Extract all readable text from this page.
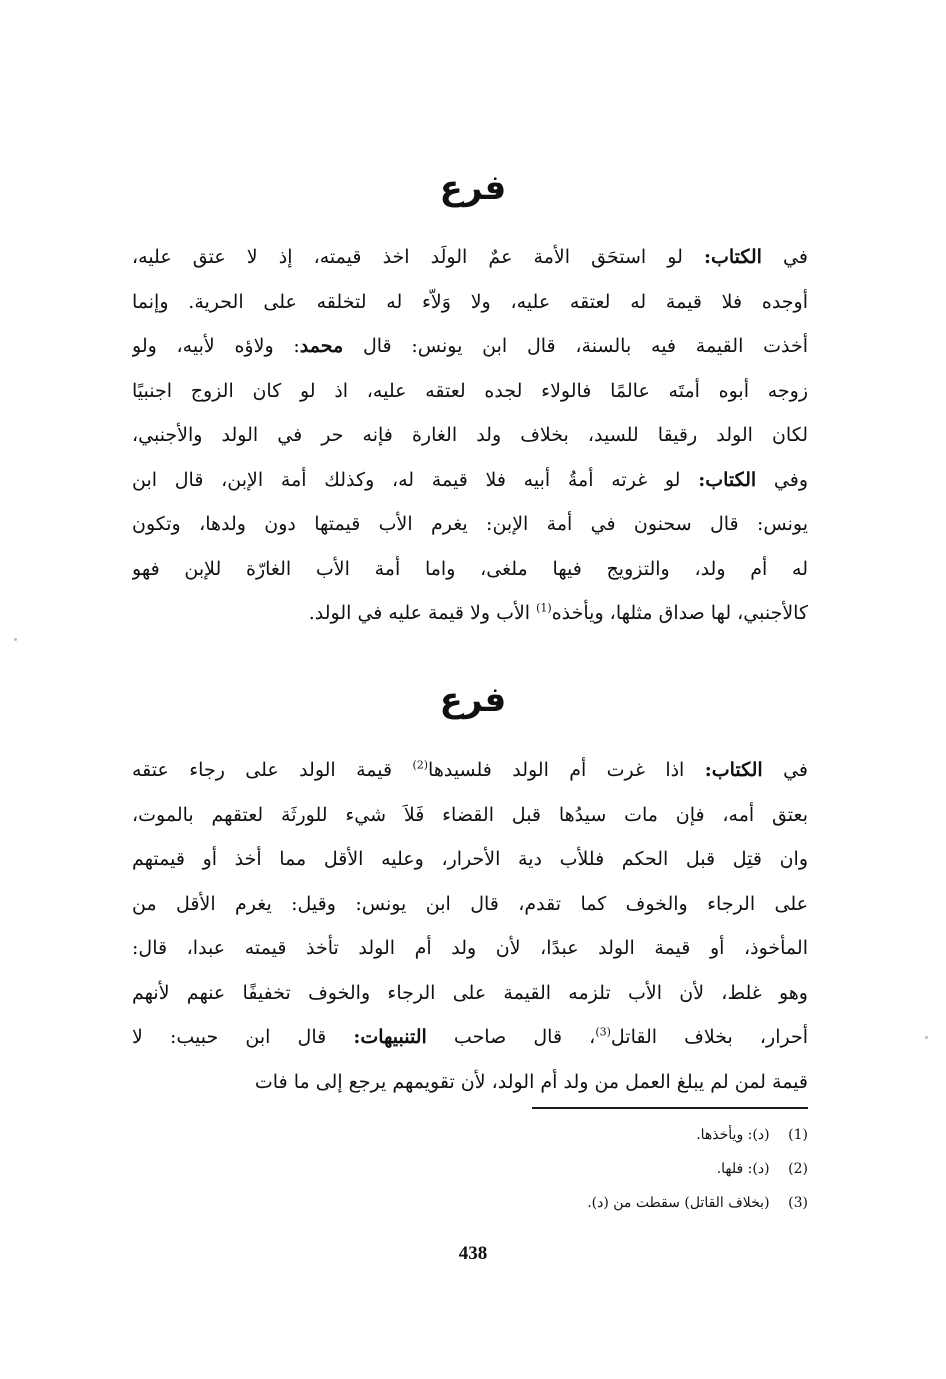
فرع
في الكتاب: لو استحَق الأمة عمٌ الولَد اخذ قيمته، إذ لا عتق عليه،
أوجده فلا قيمة له لعتقه عليه، ولا وَلاّء له لتخلقه على الحرية. وإنما
أخذت القيمة فيه بالسنة، قال ابن يونس: قال محمد: ولاؤه لأبيه، ولو
زوجه أبوه أمتَه عالمًا فالولاء لجده لعتقه عليه، اذ لو كان الزوج اجنبيًا
لكان الولد رقيقا للسيد، بخلاف ولد الغارة فإنه حر في الولد والأجنبي،
وفي الكتاب: لو غرته أمةُ أبيه فلا قيمة له، وكذلك أمة الإبن، قال ابن
يونس: قال سحنون في أمة الإبن: يغرم الأب قيمتها دون ولدها، وتكون
له أم ولد، والتزويج فيها ملغى، واما أمة الأب الغارّة للإبن فهو
كالأجنبي، لها صداق مثلها، ويأخذه$^{(1)}$ الأب ولا قيمة عليه في الولد.
فرع
في الكتاب: اذا غرت أم الولد فلسيدها$^{(2)}$ قيمة الولد على رجاء عتقه
بعتق أمه، فإن مات سيدُها قبل القضاء فَلاَ شيء للورثَة لعتقهم بالموت،
وان قتِل قبل الحكم فللأب دية الأحرار، وعليه الأقل مما أخذ أو قيمتهم
على الرجاء والخوف كما تقدم، قال ابن يونس: وقيل: يغرم الأقل من
المأخوذ، أو قيمة الولد عبدًا، لأن ولد أم الولد تأخذ قيمته عبدا، قال:
وهو غلط، لأن الأب تلزمه القيمة على الرجاء والخوف تخفيفًا عنهم لأنهم
أحرار، بخلاف القاتل$^{(3)}$، قال صاحب التنبيهات: قال ابن حبيب: لا
قيمة لمن لم يبلغ العمل من ولد أم الولد، لأن تقويمهم يرجع إلى ما فات
(1) (د): ويأخذها.
(2) (د): فلها.
(3) (بخلاف القاتل) سقطت من (د).
438
